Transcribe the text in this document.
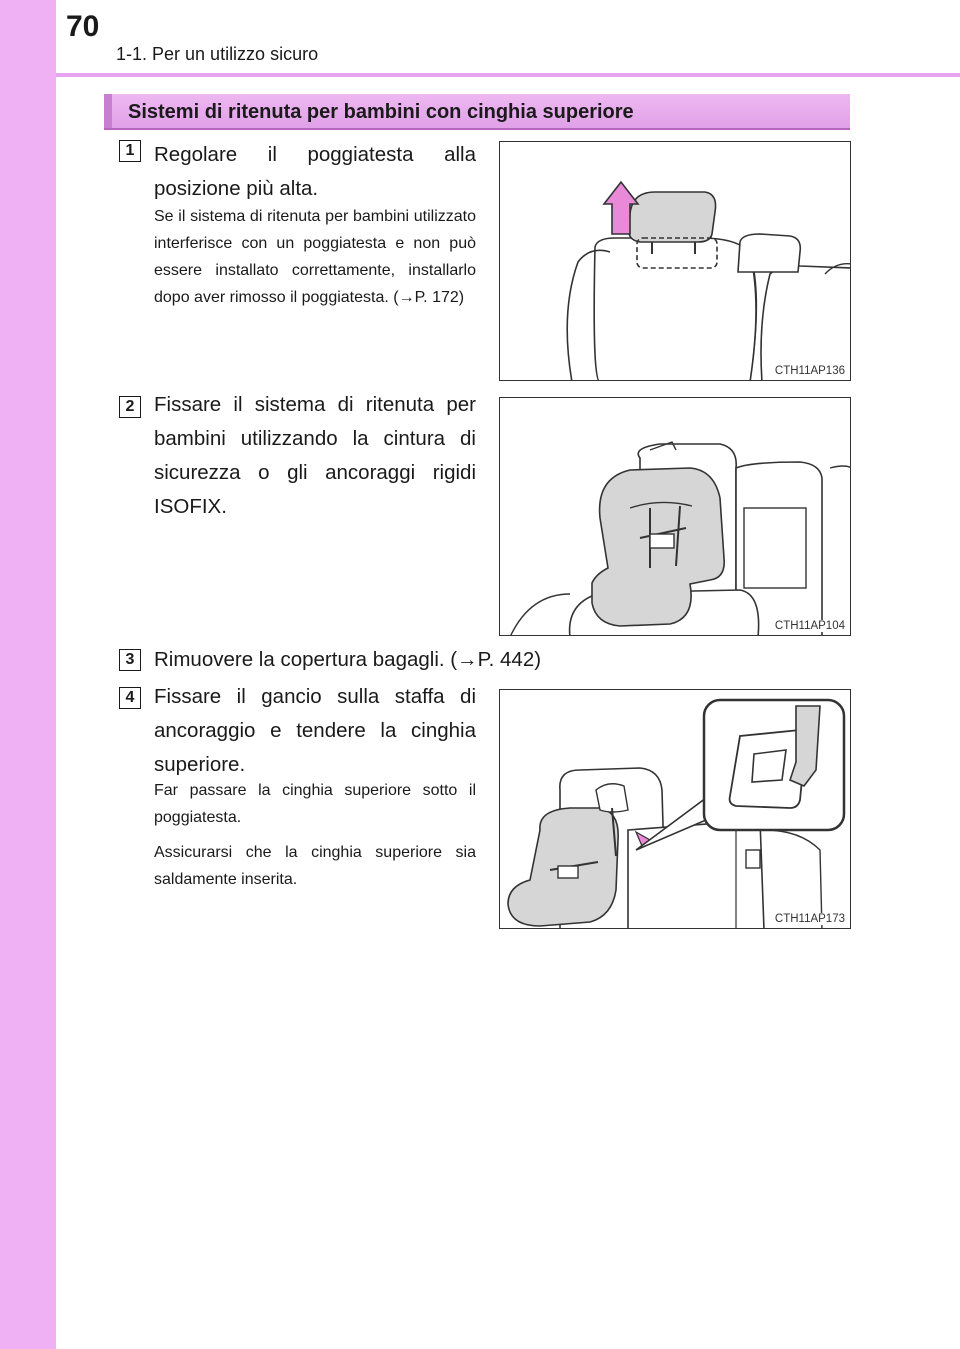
70
1-1. Per un utilizzo sicuro
Sistemi di ritenuta per bambini con cinghia superiore
1 Regolare il poggiatesta alla posizione più alta.

Se il sistema di ritenuta per bambini utilizzato interferisce con un poggiatesta e non può essere installato correttamente, installarlo dopo aver rimosso il poggiatesta. (→P. 172)

CTH11AP136
2 Fissare il sistema di ritenuta per bambini utilizzando la cintura di sicurezza o gli ancoraggi rigidi ISOFIX.
CTH11AP104
3 Rimuovere la copertura bagagli. (→P. 442)
4 Fissare il gancio sulla staffa di ancoraggio e tendere la cinghia superiore.

Far passare la cinghia superiore sotto il poggiatesta.

Assicurarsi che la cinghia superiore sia saldamente inserita.

CTH11AP173
